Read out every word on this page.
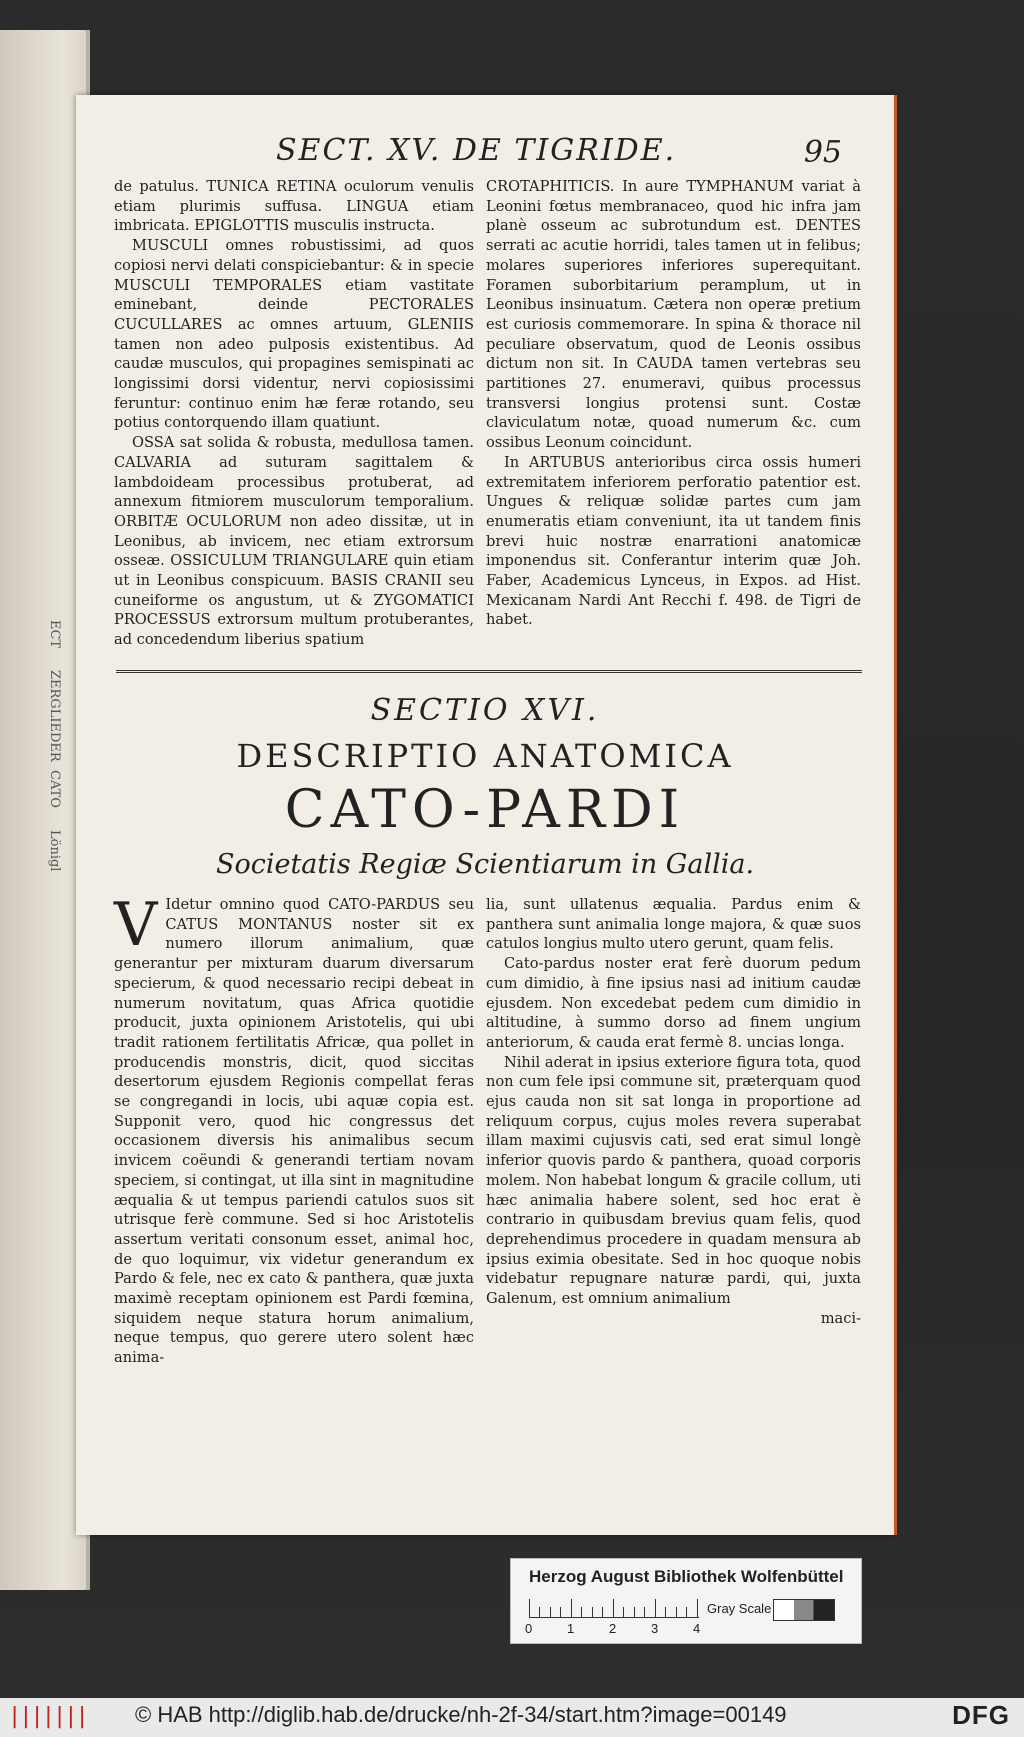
ECT
ZERGLIEDER
CATO
Lönigl
SECT. XV. DE TIGRIDE.	95

de patulus. TUNICA RETINA oculorum venulis etiam plurimis suffusa. LINGUA etiam imbricata. EPIGLOTTIS musculis instructa.

MUSCULI omnes robustissimi, ad quos copiosi nervi delati conspiciebantur: & in specie MUSCULI TEMPORALES etiam vastitate eminebant, deinde PECTORALES CUCULLARES ac omnes artuum, GLENIIS tamen non adeo pulposis existentibus. Ad caudæ musculos, qui propagines semispinati ac longissimi dorsi videntur, nervi copiosissimi feruntur: continuo enim hæ feræ rotando, seu potius contorquendo illam quatiunt.

OSSA sat solida & robusta, medullosa tamen. CALVARIA ad suturam sagittalem & lambdoideam processibus protuberat, ad annexum fitmiorem musculorum temporalium. ORBITÆ OCULORUM non adeo dissitæ, ut in Leonibus, ab invicem, nec etiam extrorsum osseæ. OSSICULUM TRIANGULARE quin etiam ut in Leonibus conspicuum. BASIS CRANII seu cuneiforme os angustum, ut & ZYGOMATICI PROCESSUS extrorsum multum protuberantes, ad concedendum liberius spatium

CROTAPHITICIS. In aure TYMPHANUM variat à Leonini fœtus membranaceo, quod hic infra jam planè osseum ac subrotundum est. DENTES serrati ac acutie horridi, tales tamen ut in felibus; molares superiores inferiores superequitant. Foramen suborbitarium peramplum, ut in Leonibus insinuatum. Cætera non operæ pretium est curiosis commemorare. In spina & thorace nil peculiare observatum, quod de Leonis ossibus dictum non sit. In CAUDA tamen vertebras seu partitiones 27. enumeravi, quibus processus transversi longius protensi sunt. Costæ claviculatum notæ, quoad numerum &c. cum ossibus Leonum coincidunt.

In ARTUBUS anterioribus circa ossis humeri extremitatem inferiorem perforatio patentior est. Ungues & reliquæ solidæ partes cum jam enumeratis etiam conveniunt, ita ut tandem finis brevi huic nostræ enarrationi anatomicæ imponendus sit. Conferantur interim quæ Joh. Faber, Academicus Lynceus, in Expos. ad Hist. Mexicanam Nardi Ant Recchi f. 498. de Tigri de habet.

SECTIO XVI.
DESCRIPTIO ANATOMICA
CATO-PARDI
Societatis Regiæ Scientiarum in Gallia.

V Idetur omnino quod CATO-PARDUS seu CATUS MONTANUS noster sit ex numero illorum animalium, quæ generantur per mixturam duarum diversarum specierum, & quod necessario recipi debeat in numerum novitatum, quas Africa quotidie producit, juxta opinionem Aristotelis, qui ubi tradit rationem fertilitatis Africæ, qua pollet in producendis monstris, dicit, quod siccitas desertorum ejusdem Regionis compellat feras se congregandi in locis, ubi aquæ copia est. Supponit vero, quod hic congressus det occasionem diversis his animalibus secum invicem coëundi & generandi tertiam novam speciem, si contingat, ut illa sint in magnitudine æqualia & ut tempus pariendi catulos suos sit utrisque ferè commune. Sed si hoc Aristotelis assertum veritati consonum esset, animal hoc, de quo loquimur, vix videtur generandum ex Pardo & fele, nec ex cato & panthera, quæ juxta maximè receptam opinionem est Pardi fœmina, siquidem neque statura horum animalium, neque tempus, quo gerere utero solent hæc anima-

lia, sunt ullatenus æqualia. Pardus enim & panthera sunt animalia longe majora, & quæ suos catulos longius multo utero gerunt, quam felis.

Cato-pardus noster erat ferè duorum pedum cum dimidio, à fine ipsius nasi ad initium caudæ ejusdem. Non excedebat pedem cum dimidio in altitudine, à summo dorso ad finem ungium anteriorum, & cauda erat fermè 8. uncias longa.

Nihil aderat in ipsius exteriore figura tota, quod non cum fele ipsi commune sit, præterquam quod ejus cauda non sit sat longa in proportione ad reliquum corpus, cujus moles revera superabat illam maximi cujusvis cati, sed erat simul longè inferior quovis pardo & panthera, quoad corporis molem. Non habebat longum & gracile collum, uti hæc animalia habere solent, sed hoc erat è contrario in quibusdam brevius quam felis, quod deprehendimus procedere in quadam mensura ab ipsius eximia obesitate. Sed in hoc quoque nobis videbatur repugnare naturæ pardi, qui, juxta Galenum, est omnium animalium

maci-

Herzog August Bibliothek Wolfenbüttel
0	1	2	3	4
Gray Scale
||||||| © HAB http://diglib.hab.de/drucke/nh-2f-34/start.htm?image=00149	DFG
